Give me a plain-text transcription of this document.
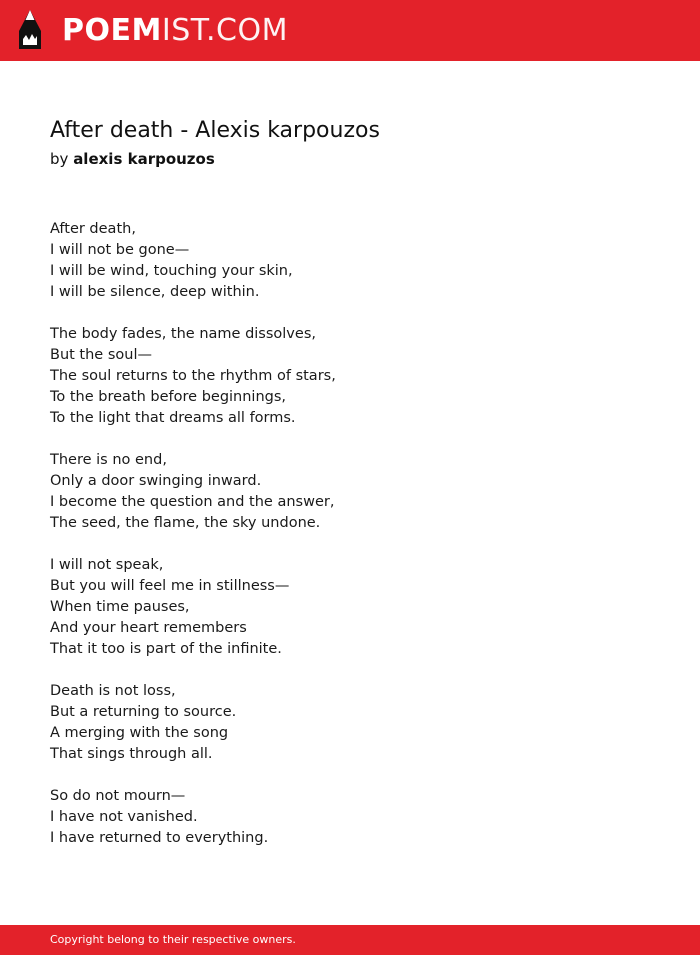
POEMIST.COM
After death - Alexis karpouzos
by alexis karpouzos
After death,
I will not be gone—
I will be wind, touching your skin,
I will be silence, deep within.
The body fades, the name dissolves,
But the soul—
The soul returns to the rhythm of stars,
To the breath before beginnings,
To the light that dreams all forms.
There is no end,
Only a door swinging inward.
I become the question and the answer,
The seed, the flame, the sky undone.
I will not speak,
But you will feel me in stillness—
When time pauses,
And your heart remembers
That it too is part of the infinite.
Death is not loss,
But a returning to source.
A merging with the song
That sings through all.
So do not mourn—
I have not vanished.
I have returned to everything.
Copyright belong to their respective owners.
